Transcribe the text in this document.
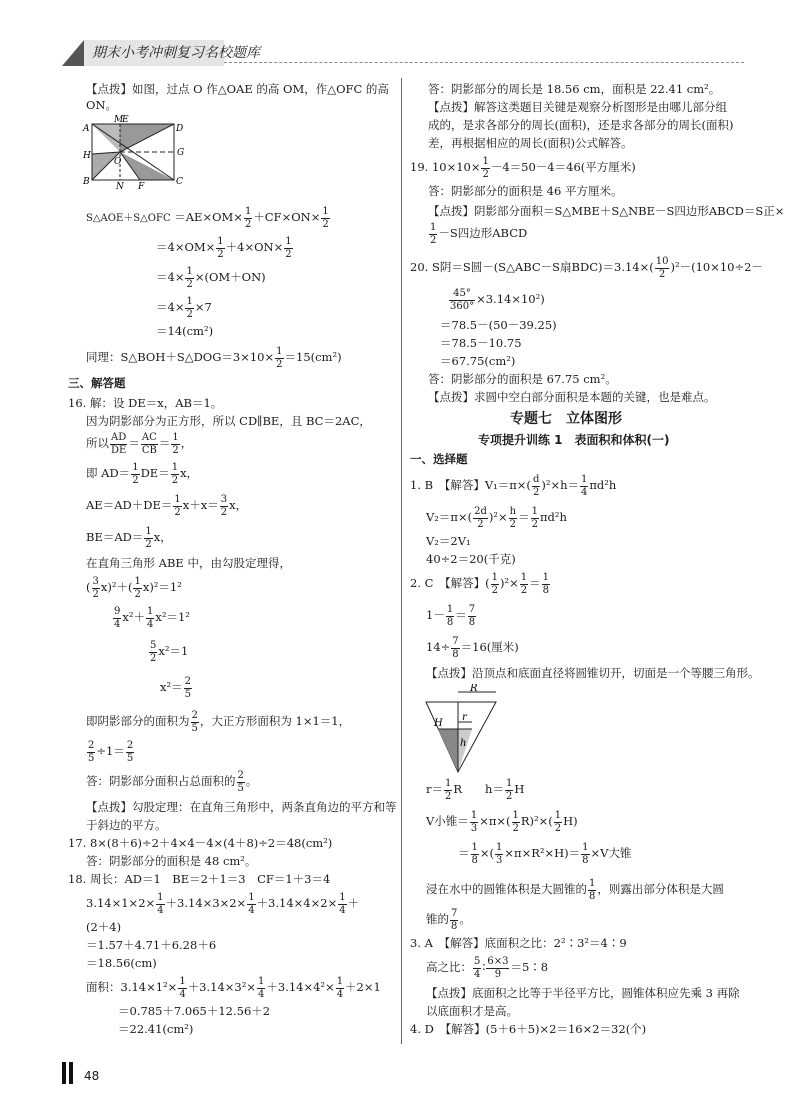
期末小考冲刺复习名校题库
【点拨】如图，过点 O 作△OAE 的高 OM，作△OFC 的高
ON。
A
M
E
D
H
O
G
B	N F	C
S△AOE＋S△OFC $=AE\times OM\times \frac{1}{2} +CF\times ON\times \frac{1}{2}$
$=4\times OM\times \frac{1}{2} +4\times ON\times \frac{1}{2}$
$=4\times \frac{1}{2} \times(OM+ON)$
$=4\times \frac{1}{2} \times 7$
＝14(cm²)
同理：S△BOH＋S△DOG＝3×10× $\frac{1}{2} =15(cm^2)$
三、解答题
16. 解：设 DE＝x，AB＝1。
因为阴影部分为正方形，所以 CD∥BE，且 BC＝2AC，
所以 $\frac{AD}{DE} = \frac{AC}{CB} = \frac{1}{2}$ ，
即 $AD= \frac{1}{2} DE= \frac{1}{2}$ x，
$AE=AD+DE= \frac{1}{2} x+x= \frac{3}{2}$ x，
$BE=AD= \frac{1}{2}$ x，
在直角三角形 ABE 中，由勾股定理得，
( $\frac{3}{2} x)^2+( \frac{1}{2} x)^2=1^2$
$\frac{9}{4} x^2+ \frac{1}{4} x^2=1^2$
$\frac{5}{2} x^2=1$
$x^2= \frac{2}{5}$
即阴影部分的面积为 $\frac{2}{5}$ ，大正方形面积为 1×1＝1，
$\frac{2}{5} \div 1= \frac{2}{5}$
答：阴影部分面积占总面积的 $\frac{2}{5}$ 。
【点拨】勾股定理：在直角三角形中，两条直角边的平方和等
于斜边的平方。
17. 8×(8＋6)÷2＋4×4－4×(4＋8)÷2＝48(cm²)
答：阴影部分的面积是 48 cm²。
18. 周长：AD＝1　BE＝2＋1＝3　CF＝1＋3＝4
$3.14\times 1\times 2\times \frac{1}{4} +3.14\times 3\times 2\times \frac{1}{4} +3.14\times 4\times 2\times \frac{1}{4}$ ＋
(2＋4)
＝1.57＋4.71＋6.28＋6
＝18.56(cm)
面积：$3.14\times 1^2\times \frac{1}{4} +3.14\times 3^2\times \frac{1}{4} +3.14\times 4^2\times \frac{1}{4} +2\times 1$
＝0.785＋7.065＋12.56＋2
＝22.41(cm²)
答：阴影部分的周长是 18.56 cm，面积是 22.41 cm²。
【点拨】解答这类题目关键是观察分析图形是由哪儿部分组
成的，是求各部分的周长(面积)，还是求各部分的周长(面积)
差，再根据相应的周长(面积)公式解答。
19. $10\times 10\times \frac{1}{2} -4=50-4=46$(平方厘米)
答：阴影部分的面积是 46 平方厘米。
【点拨】阴影部分面积＝S△MBE＋S△NBE－S四边形ABCD＝S正×
$\frac{1}{2} -S$四边形ABCD
20. S阴＝S圆－(S△ABC－S扇$BDC)=3.14\times( \frac{10}{2} )^2-(10\times 10\div 2-$
$\frac{45^\circ}{360^\circ} \times 3.14\times 10^2$)
＝78.5－(50－39.25)
＝78.5－10.75
＝67.75(cm²)
答：阴影部分的面积是 67.75 cm²。
【点拨】求圆中空白部分面积是本题的关键，也是难点。
专题七　立体图形
专项提升训练 1　表面积和体积(一)
一、选择题
1. B　【解答】$V_1=\pi\times( \frac{d}{2} )^2\times h= \frac{1}{4} \pi d^2h$
$V_2=\pi\times( \frac{2d}{2} )^2\times \frac{h}{2} = \frac{1}{2} \pi d^2h$
V₂＝2V₁
40÷2＝20(千克)
2. C　【解答】( $\frac{1}{2} )^2\times \frac{1}{2} = \frac{1}{8}$
$1- \frac{1}{8} = \frac{7}{8}$
$14\div \frac{7}{8} =16$(厘米)
【点拨】沿顶点和底面直径将圆锥切开，切面是一个等腰三角形。
R
r
H
h
$r= \frac{1}{2}$ R　　$h= \frac{1}{2}$ H
V小锥＝ $\frac{1}{3} \times\pi\times( \frac{1}{2} R)^2\times( \frac{1}{2} H)$
＝ $\frac{1}{8}$ ×( $\frac{1}{3} \times\pi\times R^2\times H)= \frac{1}{8} \times V$大锥
浸在水中的圆锥体积是大圆锥的 $\frac{1}{8}$ ，则露出部分体积是大圆
锥的 $\frac{7}{8}$ 。
3. A　【解答】底面积之比：2²∶3²＝4∶9
高之比： $\frac{5}{4}$ ∶ $\frac{6\times 3}{9}$ ＝5∶8
【点拨】底面积之比等于半径平方比，圆锥体积应先乘 3 再除
以底面积才是高。
4. D　【解答】(5＋6＋5)×2＝16×2＝32(个)
48
